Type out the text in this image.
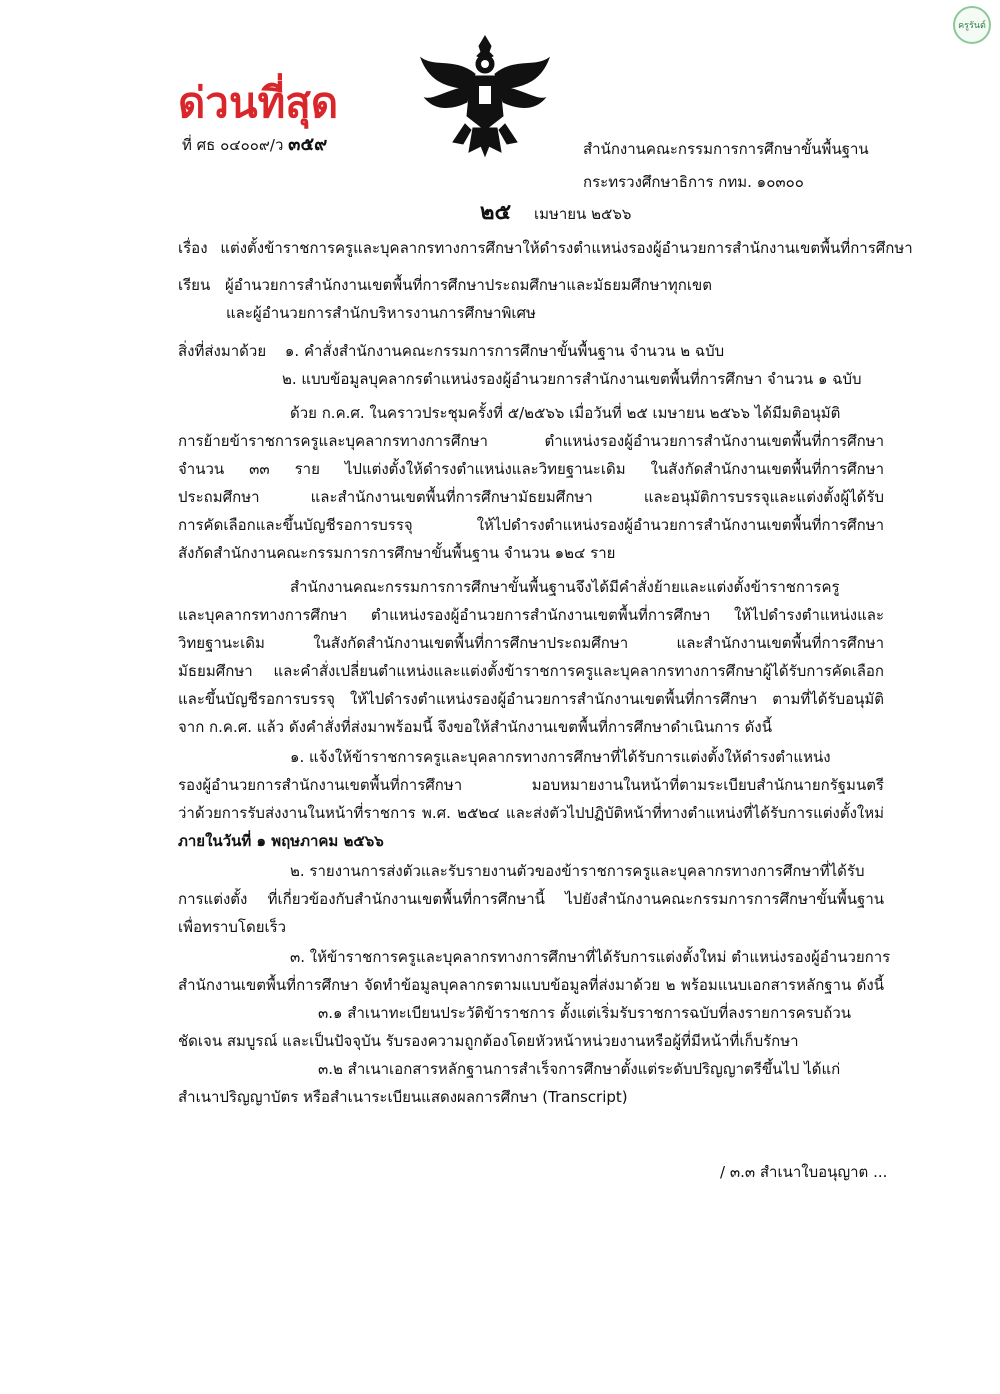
ครูรันต์
ด่วนที่สุด
ที่ ศธ ๐๔๐๐๙/ว ๓๕๙	สำนักงานคณะกรรมการการศึกษาขั้นพื้นฐาน
กระทรวงศึกษาธิการ กทม. ๑๐๓๐๐
๒๕ เมษายน ๒๕๖๖
เรื่อง แต่งตั้งข้าราชการครูและบุคลากรทางการศึกษาให้ดำรงตำแหน่งรองผู้อำนวยการสำนักงานเขตพื้นที่การศึกษา
เรียน ผู้อำนวยการสำนักงานเขตพื้นที่การศึกษาประถมศึกษาและมัธยมศึกษาทุกเขต
และผู้อำนวยการสำนักบริหารงานการศึกษาพิเศษ
สิ่งที่ส่งมาด้วย ๑. คำสั่งสำนักงานคณะกรรมการการศึกษาขั้นพื้นฐาน จำนวน ๒ ฉบับ
๒. แบบข้อมูลบุคลากรตำแหน่งรองผู้อำนวยการสำนักงานเขตพื้นที่การศึกษา จำนวน ๑ ฉบับ
ด้วย ก.ค.ศ. ในคราวประชุมครั้งที่ ๕/๒๕๖๖ เมื่อวันที่ ๒๕ เมษายน ๒๕๖๖ ได้มีมติอนุมัติ
การย้ายข้าราชการครูและบุคลากรทางการศึกษา ตำแหน่งรองผู้อำนวยการสำนักงานเขตพื้นที่การศึกษา
จำนวน ๓๓ ราย ไปแต่งตั้งให้ดำรงตำแหน่งและวิทยฐานะเดิม ในสังกัดสำนักงานเขตพื้นที่การศึกษา
ประถมศึกษา และสำนักงานเขตพื้นที่การศึกษามัธยมศึกษา และอนุมัติการบรรจุและแต่งตั้งผู้ได้รับ
การคัดเลือกและขึ้นบัญชีรอการบรรจุ ให้ไปดำรงตำแหน่งรองผู้อำนวยการสำนักงานเขตพื้นที่การศึกษา
สังกัดสำนักงานคณะกรรมการการศึกษาขั้นพื้นฐาน จำนวน ๑๒๔ ราย
สำนักงานคณะกรรมการการศึกษาขั้นพื้นฐานจึงได้มีคำสั่งย้ายและแต่งตั้งข้าราชการครู
และบุคลากรทางการศึกษา ตำแหน่งรองผู้อำนวยการสำนักงานเขตพื้นที่การศึกษา ให้ไปดำรงตำแหน่งและ
วิทยฐานะเดิม ในสังกัดสำนักงานเขตพื้นที่การศึกษาประถมศึกษา และสำนักงานเขตพื้นที่การศึกษา
มัธยมศึกษา และคำสั่งเปลี่ยนตำแหน่งและแต่งตั้งข้าราชการครูและบุคลากรทางการศึกษาผู้ได้รับการคัดเลือก
และขึ้นบัญชีรอการบรรจุ ให้ไปดำรงตำแหน่งรองผู้อำนวยการสำนักงานเขตพื้นที่การศึกษา ตามที่ได้รับอนุมัติ
จาก ก.ค.ศ. แล้ว ดังคำสั่งที่ส่งมาพร้อมนี้ จึงขอให้สำนักงานเขตพื้นที่การศึกษาดำเนินการ ดังนี้
๑. แจ้งให้ข้าราชการครูและบุคลากรทางการศึกษาที่ได้รับการแต่งตั้งให้ดำรงตำแหน่ง
รองผู้อำนวยการสำนักงานเขตพื้นที่การศึกษา มอบหมายงานในหน้าที่ตามระเบียบสำนักนายกรัฐมนตรี
ว่าด้วยการรับส่งงานในหน้าที่ราชการ พ.ศ. ๒๕๒๔ และส่งตัวไปปฏิบัติหน้าที่ทางตำแหน่งที่ได้รับการแต่งตั้งใหม่
ภายในวันที่ ๑ พฤษภาคม ๒๕๖๖
๒. รายงานการส่งตัวและรับรายงานตัวของข้าราชการครูและบุคลากรทางการศึกษาที่ได้รับ
การแต่งตั้ง ที่เกี่ยวข้องกับสำนักงานเขตพื้นที่การศึกษานี้ ไปยังสำนักงานคณะกรรมการการศึกษาขั้นพื้นฐาน
เพื่อทราบโดยเร็ว
๓. ให้ข้าราชการครูและบุคลากรทางการศึกษาที่ได้รับการแต่งตั้งใหม่ ตำแหน่งรองผู้อำนวยการ
สำนักงานเขตพื้นที่การศึกษา จัดทำข้อมูลบุคลากรตามแบบข้อมูลที่ส่งมาด้วย ๒ พร้อมแนบเอกสารหลักฐาน ดังนี้
๓.๑ สำเนาทะเบียนประวัติข้าราชการ ตั้งแต่เริ่มรับราชการฉบับที่ลงรายการครบถ้วน
ชัดเจน สมบูรณ์ และเป็นปัจจุบัน รับรองความถูกต้องโดยหัวหน้าหน่วยงานหรือผู้ที่มีหน้าที่เก็บรักษา
๓.๒ สำเนาเอกสารหลักฐานการสำเร็จการศึกษาตั้งแต่ระดับปริญญาตรีขึ้นไป ได้แก่
สำเนาปริญญาบัตร หรือสำเนาระเบียนแสดงผลการศึกษา (Transcript)
/ ๓.๓ สำเนาใบอนุญาต ...
